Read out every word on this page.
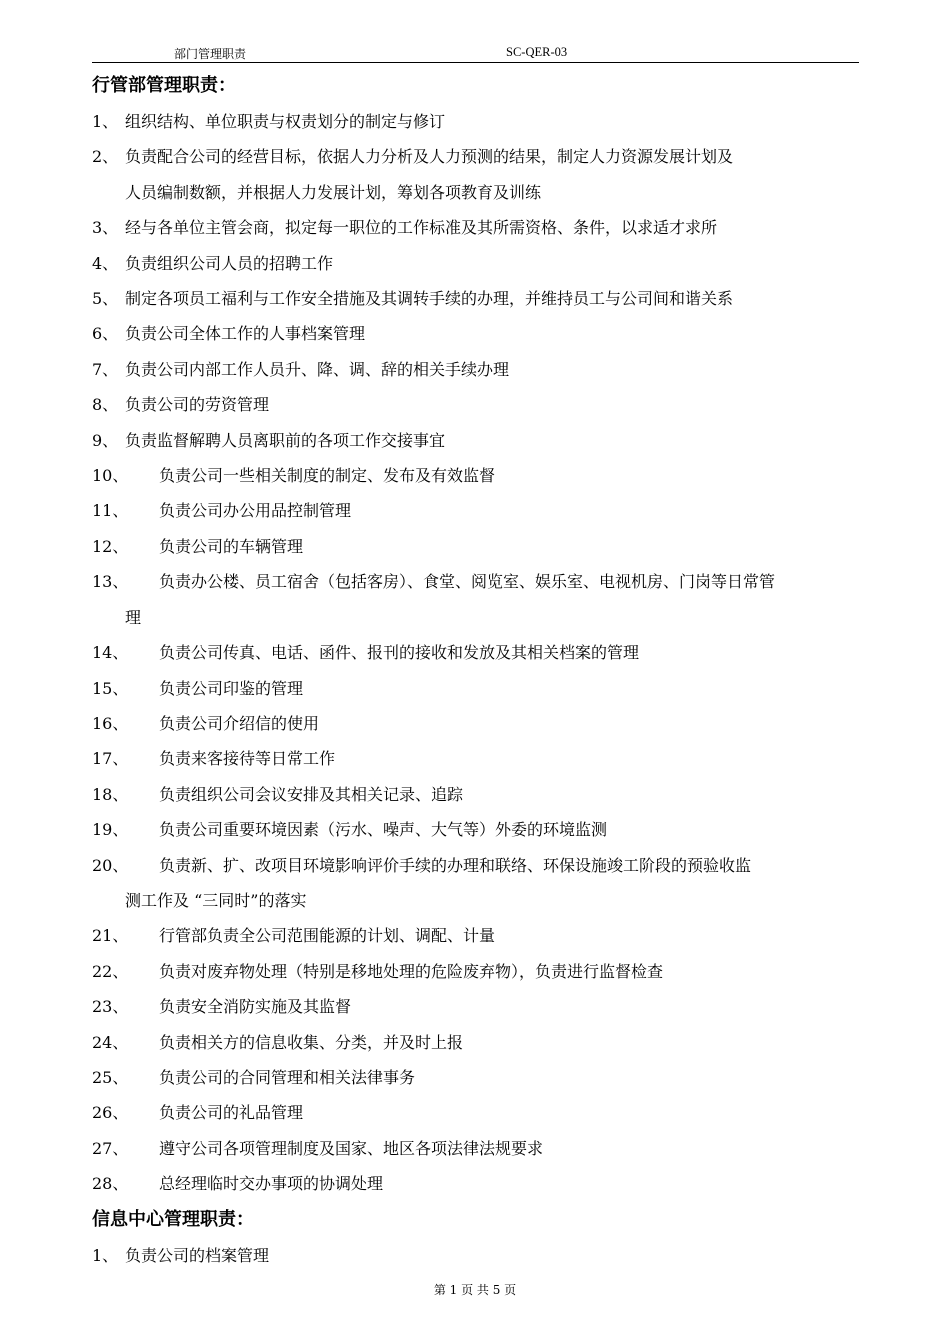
部门管理职责	SC-QER-03
行管部管理职责：
1、 组织结构、单位职责与权责划分的制定与修订
2、 负责配合公司的经营目标，依据人力分析及人力预测的结果，制定人力资源发展计划及
人员编制数额，并根据人力发展计划，筹划各项教育及训练
3、 经与各单位主管会商，拟定每一职位的工作标准及其所需资格、条件，以求适才求所
4、 负责组织公司人员的招聘工作
5、 制定各项员工福利与工作安全措施及其调转手续的办理，并维持员工与公司间和谐关系
6、 负责公司全体工作的人事档案管理
7、 负责公司内部工作人员升、降、调、辞的相关手续办理
8、 负责公司的劳资管理
9、 负责监督解聘人员离职前的各项工作交接事宜
10、	负责公司一些相关制度的制定、发布及有效监督
11、	负责公司办公用品控制管理
12、	负责公司的车辆管理
13、	负责办公楼、员工宿舍（包括客房）、食堂、阅览室、娱乐室、电视机房、门岗等日常管
理
14、	负责公司传真、电话、函件、报刊的接收和发放及其相关档案的管理
15、	负责公司印鉴的管理
16、	负责公司介绍信的使用
17、	负责来客接待等日常工作
18、	负责组织公司会议安排及其相关记录、追踪
19、	负责公司重要环境因素（污水、噪声、大气等）外委的环境监测
20、	负责新、扩、改项目环境影响评价手续的办理和联络、环保设施竣工阶段的预验收监
测工作及 “三同时”的落实
21、	行管部负责全公司范围能源的计划、调配、计量
22、	负责对废弃物处理（特别是移地处理的危险废弃物），负责进行监督检查
23、	负责安全消防实施及其监督
24、	负责相关方的信息收集、分类，并及时上报
25、	负责公司的合同管理和相关法律事务
26、	负责公司的礼品管理
27、	遵守公司各项管理制度及国家、地区各项法律法规要求
28、	总经理临时交办事项的协调处理
信息中心管理职责：
1、 负责公司的档案管理
第 1 页 共 5 页
